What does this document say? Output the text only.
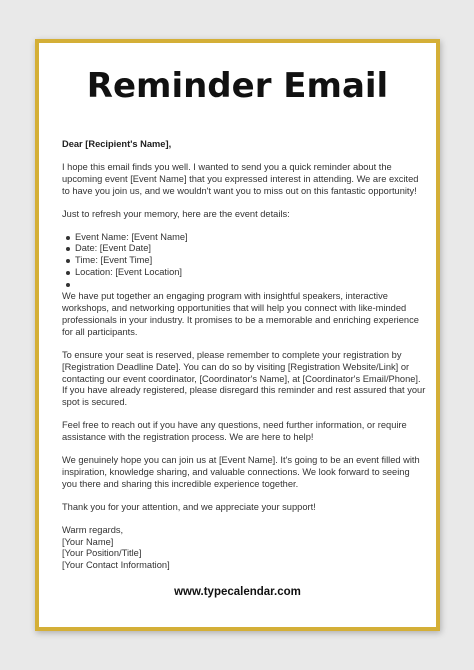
Reminder Email

Dear [Recipient's Name],

I hope this email finds you well. I wanted to send you a quick reminder about the upcoming event [Event Name] that you expressed interest in attending. We are excited to have you join us, and we wouldn't want you to miss out on this fantastic opportunity!

Just to refresh your memory, here are the event details:

Event Name: [Event Name]
Date: [Event Date]
Time: [Event Time]
Location: [Event Location]

We have put together an engaging program with insightful speakers, interactive workshops, and networking opportunities that will help you connect with like-minded professionals in your industry. It promises to be a memorable and enriching experience for all participants.

To ensure your seat is reserved, please remember to complete your registration by [Registration Deadline Date]. You can do so by visiting [Registration Website/Link] or contacting our event coordinator, [Coordinator's Name], at [Coordinator's Email/Phone]. If you have already registered, please disregard this reminder and rest assured that your spot is secured.

Feel free to reach out if you have any questions, need further information, or require assistance with the registration process. We are here to help!

We genuinely hope you can join us at [Event Name]. It's going to be an event filled with inspiration, knowledge sharing, and valuable connections. We look forward to seeing you there and sharing this incredible experience together.

Thank you for your attention, and we appreciate your support!

Warm regards,

[Your Name]

[Your Position/Title]

[Your Contact Information]

www.typecalendar.com
